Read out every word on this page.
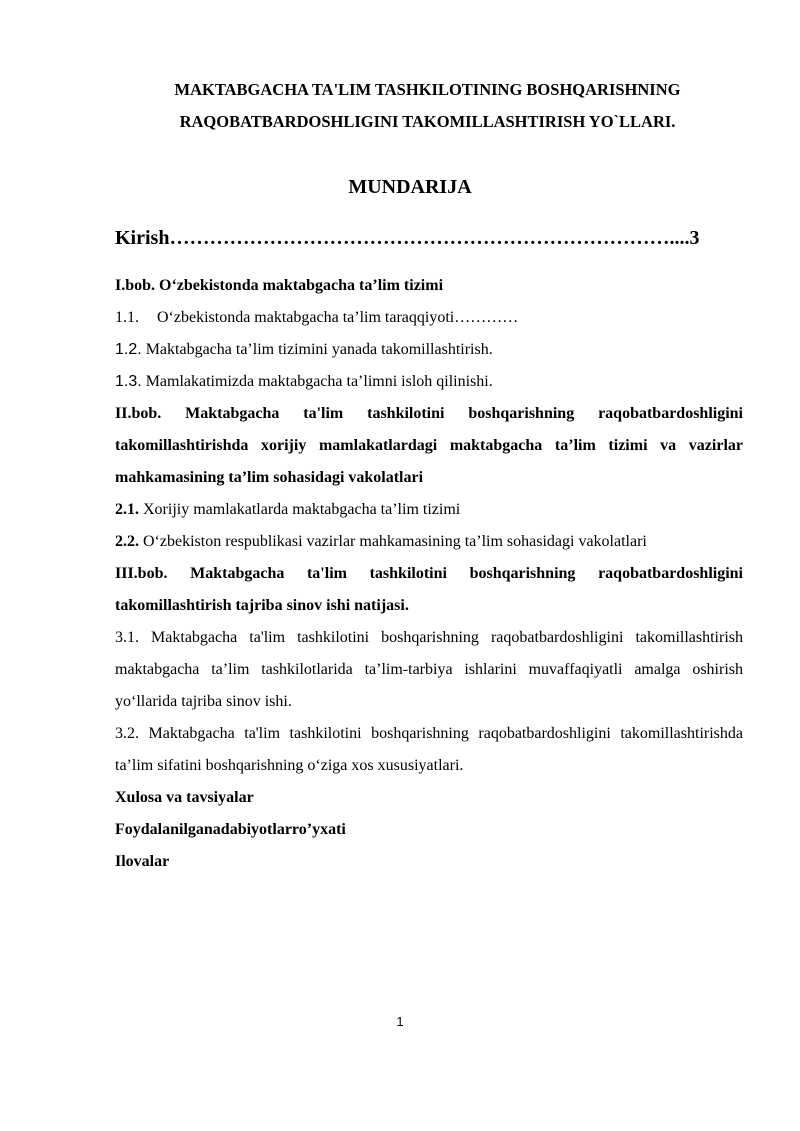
MAKTABGACHA TA'LIM TASHKILOTINING BOSHQARISHNING
RAQOBATBARDOSHLIGINI TAKOMILLASHTIRISH YO`LLARI.
MUNDARIJA
Kirish…………………………………………………………………....3
I.bob. O‘zbekistonda maktabgacha ta’lim tizimi
1.1. O‘zbekistonda maktabgacha ta’lim taraqqiyoti…………
1.2. Maktabgacha ta’lim tizimini yanada takomillashtirish.
1.3. Mamlakatimizda maktabgacha ta’limni isloh qilinishi.

II.bob. Maktabgacha ta'lim tashkilotini boshqarishning raqobatbardoshligini takomillashtirishda xorijiy mamlakatlardagi maktabgacha ta’lim tizimi va vazirlar mahkamasining ta’lim sohasidagi vakolatlari

2.1. Xorijiy mamlakatlarda maktabgacha ta’lim tizimi
2.2. O‘zbekiston respublikasi vazirlar mahkamasining ta’lim sohasidagi vakolatlari

III.bob. Maktabgacha ta'lim tashkilotini boshqarishning raqobatbardoshligini takomillashtirish tajriba sinov ishi natijasi.

3.1. Maktabgacha ta'lim tashkilotini boshqarishning raqobatbardoshligini takomillashtirish maktabgacha ta’lim tashkilotlarida ta’lim-tarbiya ishlarini muvaffaqiyatli amalga oshirish yo‘llarida tajriba sinov ishi.

3.2. Maktabgacha ta'lim tashkilotini boshqarishning raqobatbardoshligini takomillashtirishda ta’lim sifatini boshqarishning o‘ziga xos xususiyatlari.

Xulosa va tavsiyalar
Foydalanilganadabiyotlarro’yxati
Ilovalar
1
